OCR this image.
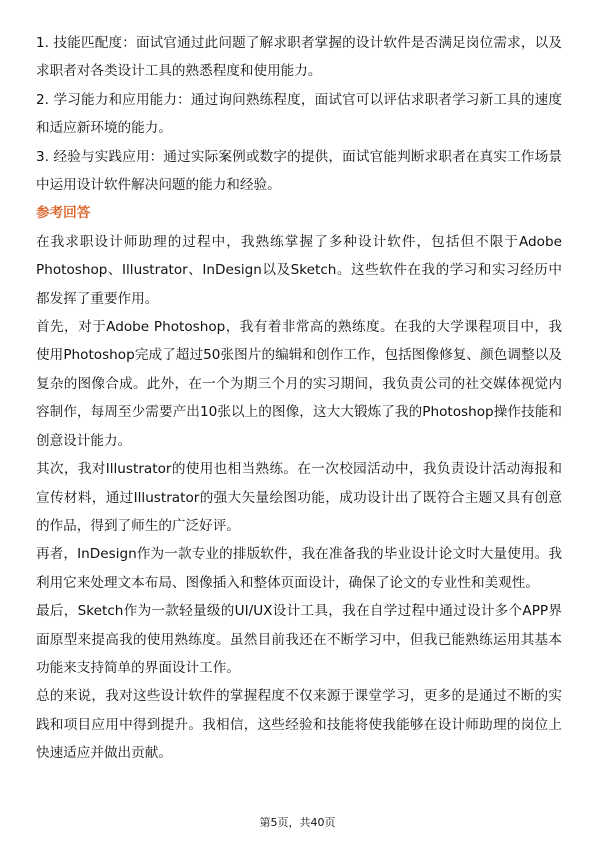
1. 技能匹配度：面试官通过此问题了解求职者掌握的设计软件是否满足岗位需求，以及求职者对各类设计工具的熟悉程度和使用能力。

2. 学习能力和应用能力：通过询问熟练程度，面试官可以评估求职者学习新工具的速度和适应新环境的能力。

3. 经验与实践应用：通过实际案例或数字的提供，面试官能判断求职者在真实工作场景中运用设计软件解决问题的能力和经验。

参考回答

在我求职设计师助理的过程中，我熟练掌握了多种设计软件，包括但不限于Adobe Photoshop、Illustrator、InDesign以及Sketch。这些软件在我的学习和实习经历中都发挥了重要作用。

首先，对于Adobe Photoshop，我有着非常高的熟练度。在我的大学课程项目中，我使用Photoshop完成了超过50张图片的编辑和创作工作，包括图像修复、颜色调整以及复杂的图像合成。此外，在一个为期三个月的实习期间，我负责公司的社交媒体视觉内容制作，每周至少需要产出10张以上的图像，这大大锻炼了我的Photoshop操作技能和创意设计能力。

其次，我对Illustrator的使用也相当熟练。在一次校园活动中，我负责设计活动海报和宣传材料，通过Illustrator的强大矢量绘图功能，成功设计出了既符合主题又具有创意的作品，得到了师生的广泛好评。

再者，InDesign作为一款专业的排版软件，我在准备我的毕业设计论文时大量使用。我利用它来处理文本布局、图像插入和整体页面设计，确保了论文的专业性和美观性。

最后，Sketch作为一款轻量级的UI/UX设计工具，我在自学过程中通过设计多个APP界面原型来提高我的使用熟练度。虽然目前我还在不断学习中，但我已能熟练运用其基本功能来支持简单的界面设计工作。

总的来说，我对这些设计软件的掌握程度不仅来源于课堂学习，更多的是通过不断的实践和项目应用中得到提升。我相信，这些经验和技能将使我能够在设计师助理的岗位上快速适应并做出贡献。

第5页，共40页
